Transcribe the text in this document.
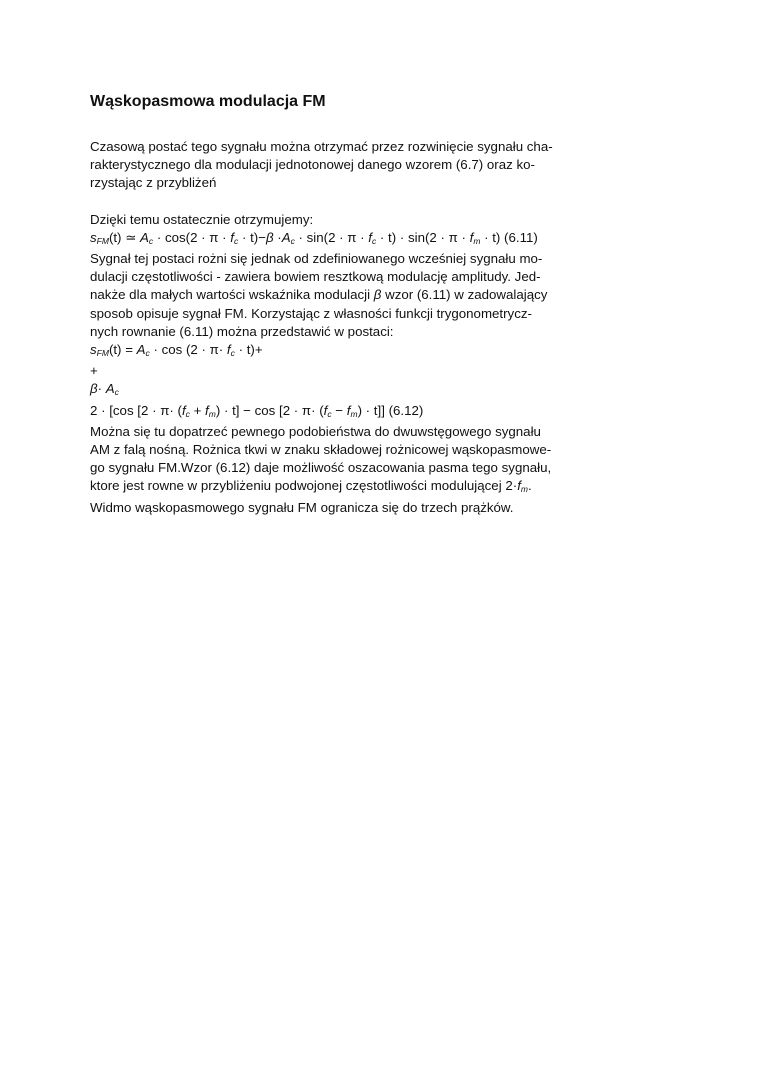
Wąskopasmowa modulacja FM
Czasową postać tego sygnału można otrzymać przez rozwinięcie sygnału cha-
rakterystycznego dla modulacji jednotonowej danego wzorem (6.7) oraz ko-
rzystając z przybliżeń
Dzięki temu ostatecznie otrzymujemy:
$s_{FM}(t)$ ≃ $A_c \cdot \cos(2 \cdot \pi \cdot f_c \cdot t)-\beta \cdot A_c \cdot \sin(2 \cdot \pi \cdot f_c \cdot t) \cdot \sin(2 \cdot \pi \cdot f_m \cdot t)$ (6.11)
Sygnał tej postaci rożni się jednak od zdefiniowanego wcześniej sygnału mo-
dulacji częstotliwości - zawiera bowiem resztkową modulację amplitudy. Jed-
nakże dla małych wartości wskaźnika modulacji β wzor (6.11) w zadowalający
sposob opisuje sygnał FM. Korzystając z własności funkcji trygonometrycz-
nych rownanie (6.11) można przedstawić w postaci:
$s_{FM}(t) = A_c \cdot \cos (2 \cdot \pi\cdot f_c \cdot t)+$
+
$\beta\cdot A_c$
2 · [cos $[2 \cdot \pi\cdot (f_c + f_m) \cdot t] - \cos [2 \cdot \pi\cdot (f_c - f_m) \cdot t]$] (6.12)
Można się tu dopatrzeć pewnego podobieństwa do dwuwstęgowego sygnału
AM z falą nośną. Rożnica tkwi w znaku składowej rożnicowej wąskopasmowe-
go sygnału FM.Wzor (6.12) daje możliwość oszacowania pasma tego sygnału,
ktore jest rowne w przybliżeniu podwojonej częstotliwości modulującej $2\cdot f_m$.
Widmo wąskopasmowego sygnału FM ogranicza się do trzech prążków.
